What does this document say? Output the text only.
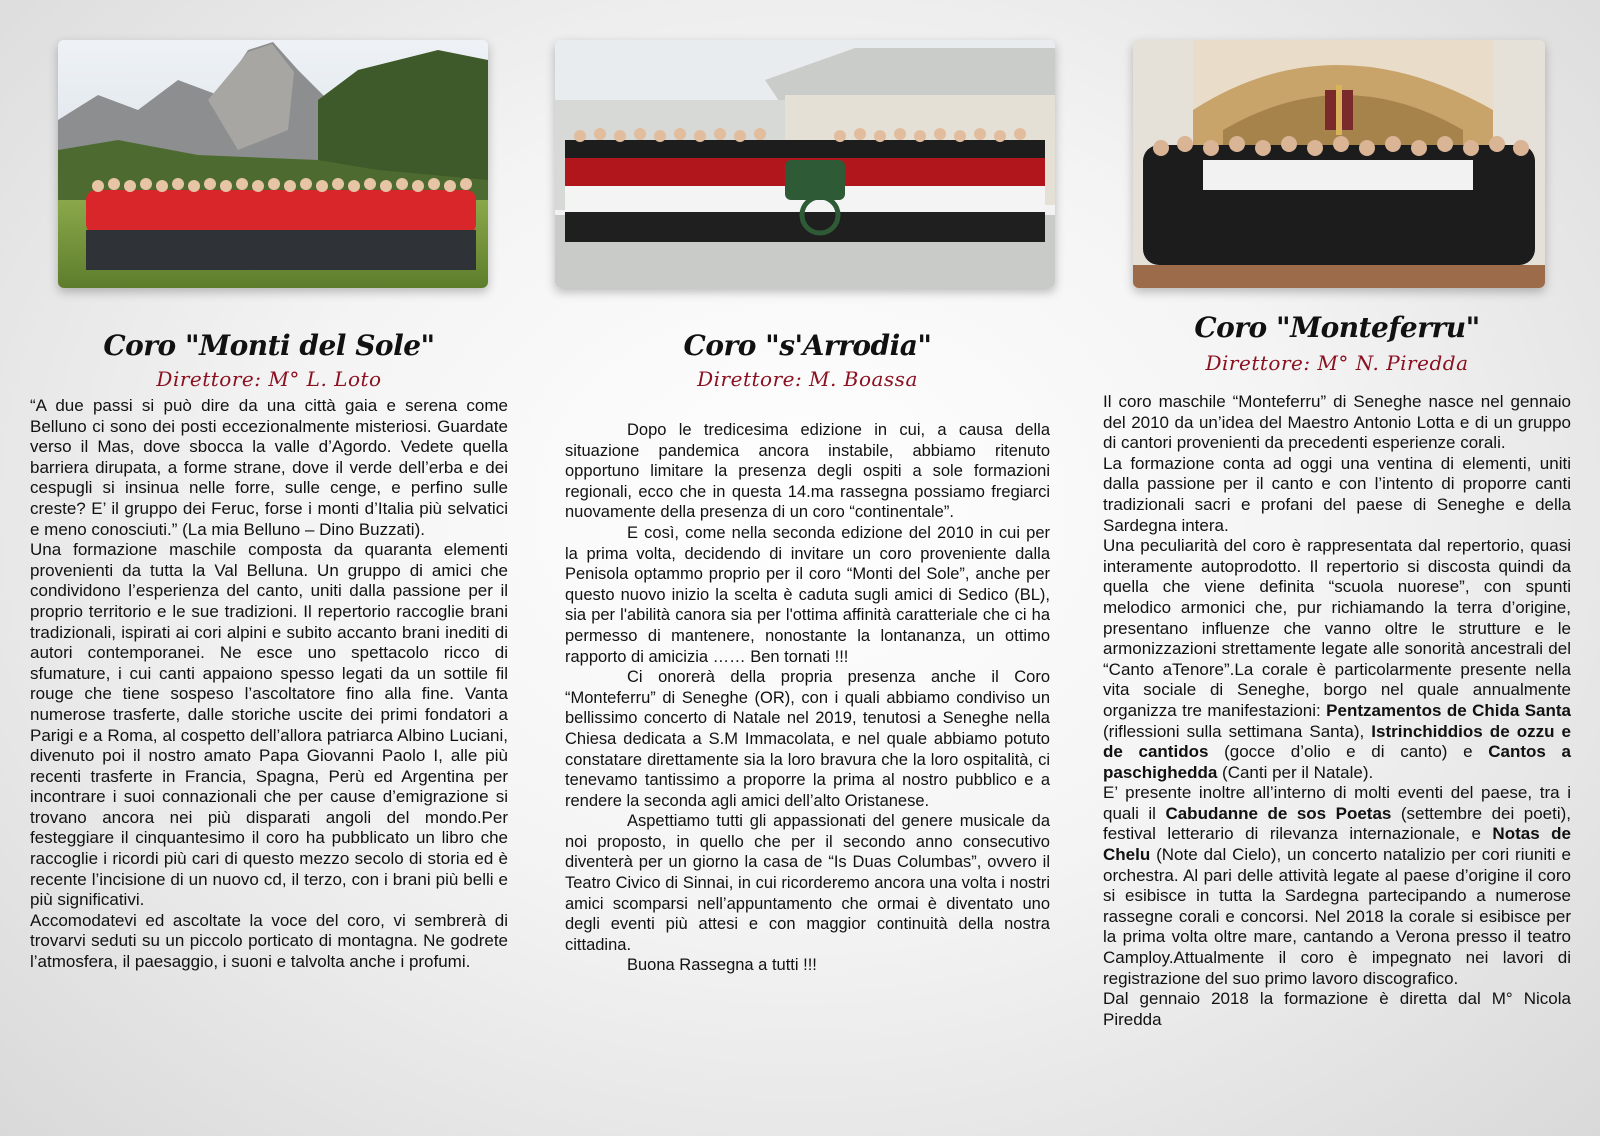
Coro "Monti del Sole"
Direttore: M° L. Loto

“A due passi si può dire da una città gaia e serena come Belluno ci sono dei posti eccezionalmente misteriosi. Guardate verso il Mas, dove sbocca la valle d’Agordo. Vedete quella barriera dirupata, a forme strane, dove il verde dell’erba e dei cespugli si insinua nelle forre, sulle cenge, e perfino sulle creste? E’ il gruppo dei Feruc, forse i monti d’Italia più selvatici e meno conosciuti.” (La mia Belluno – Dino Buzzati).

Una formazione maschile composta da quaranta elementi provenienti da tutta la Val Belluna. Un gruppo di amici che condividono l’esperienza del canto, uniti dalla passione per il proprio territorio e le sue tradizioni. Il repertorio raccoglie brani tradizionali, ispirati ai cori alpini e subito accanto brani inediti di autori contemporanei. Ne esce uno spettacolo ricco di sfumature, i cui canti appaiono spesso legati da un sottile fil rouge che tiene sospeso l’ascoltatore fino alla fine. Vanta numerose trasferte, dalle storiche uscite dei primi fondatori a Parigi e a Roma, al cospetto dell’allora patriarca Albino Luciani, divenuto poi il nostro amato Papa Giovanni Paolo I, alle più recenti trasferte in Francia, Spagna, Perù ed Argentina per incontrare i suoi connazionali che per cause d’emigrazione si trovano ancora nei più disparati angoli del mondo.Per festeggiare il cinquantesimo il coro ha pubblicato un libro che raccoglie i ricordi più cari di questo mezzo secolo di storia ed è recente l’incisione di un nuovo cd, il terzo, con i brani più belli e più significativi.

Accomodatevi ed ascoltate la voce del coro, vi sembrerà di trovarvi seduti su un piccolo porticato di montagna. Ne godrete l’atmosfera, il paesaggio, i suoni e talvolta anche i profumi.

Coro "s'Arrodia"
Direttore: M. Boassa

Dopo le tredicesima edizione in cui, a causa della situazione pandemica ancora instabile, abbiamo ritenuto opportuno limitare la presenza degli ospiti a sole formazioni regionali, ecco che in questa 14.ma rassegna possiamo fregiarci nuovamente della presenza di un coro “continentale”.

E così, come nella seconda edizione del 2010 in cui per la prima volta, decidendo di invitare un coro proveniente dalla Penisola optammo proprio per il coro “Monti del Sole”, anche per questo nuovo inizio la scelta è caduta sugli amici di Sedico (BL), sia per l'abilità canora sia per l'ottima affinità caratteriale che ci ha permesso di mantenere, nonostante la lontananza, un ottimo rapporto di amicizia …… Ben tornati !!!

Ci onorerà della propria presenza anche il Coro “Monteferru” di Seneghe (OR), con i quali abbiamo condiviso un bellissimo concerto di Natale nel 2019, tenutosi a Seneghe nella Chiesa dedicata a S.M Immacolata, e nel quale abbiamo potuto constatare direttamente sia la loro bravura che la loro ospitalità, ci tenevamo tantissimo a proporre la prima al nostro pubblico e a rendere la seconda agli amici dell’alto Oristanese.

Aspettiamo tutti gli appassionati del genere musicale da noi proposto, in quello che per il secondo anno consecutivo diventerà per un giorno la casa de “Is Duas Columbas”, ovvero il Teatro Civico di Sinnai, in cui ricorderemo ancora una volta i nostri amici scomparsi nell’appuntamento che ormai è diventato uno degli eventi più attesi e con maggior continuità della nostra cittadina.

Buona Rassegna a tutti !!!

Coro "Monteferru"
Direttore: M° N. Piredda

Il coro maschile “Monteferru” di Seneghe nasce nel gennaio del 2010 da un’idea del Maestro Antonio Lotta e di un gruppo di cantori provenienti da precedenti esperienze corali.

La formazione conta ad oggi una ventina di elementi, uniti dalla passione per il canto e con l’intento di proporre canti tradizionali sacri e profani del paese di Seneghe e della Sardegna intera.

Una peculiarità del coro è rappresentata dal repertorio, quasi interamente autoprodotto. Il repertorio si discosta quindi da quella che viene definita “scuola nuorese”, con spunti melodico armonici che, pur richiamando la terra d’origine, presentano influenze che vanno oltre le strutture e le armonizzazioni strettamente legate alle sonorità ancestrali del “Canto aTenore”.La corale è particolarmente presente nella vita sociale di Seneghe, borgo nel quale annualmente organizza tre manifestazioni: Pentzamentos de Chida Santa (riflessioni sulla settimana Santa), Istrinchiddios de ozzu e de cantidos (gocce d’olio e di canto) e Cantos a paschighedda (Canti per il Natale).

E’ presente inoltre all’interno di molti eventi del paese, tra i quali il Cabudanne de sos Poetas (settembre dei poeti), festival letterario di rilevanza internazionale, e Notas de Chelu (Note dal Cielo), un concerto natalizio per cori riuniti e orchestra. Al pari delle attività legate al paese d’origine il coro si esibisce in tutta la Sardegna partecipando a numerose rassegne corali e concorsi. Nel 2018 la corale si esibisce per la prima volta oltre mare, cantando a Verona presso il teatro Camploy.Attualmente il coro è impegnato nei lavori di registrazione del suo primo lavoro discografico.

Dal gennaio 2018 la formazione è diretta dal M° Nicola Piredda
